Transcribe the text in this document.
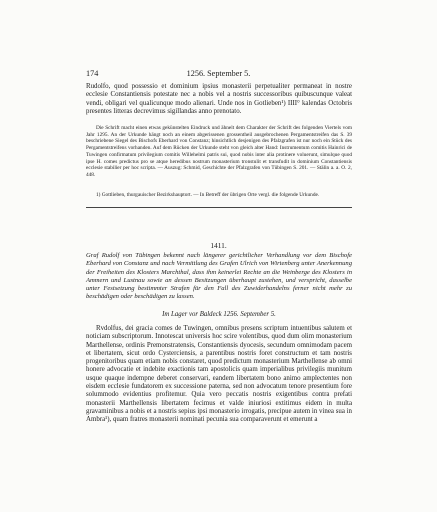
174	1256. September 5.

Rudolfo, quod possessio et dominium ipsius monasterii perpetualiter permaneat in nostre ecclesie Constantiensis potestate nec a nobis vel a nostris successoribus quibuscunque valeat vendi, obligari vel qualicunque modo alienari. Unde nos in Gotlieben¹) IIII° kalendas Octobris presentes litteras decrevimus sigillandas anno prenotato.

Die Schrift macht einen etwas gekünstelten Eindruck und ähnelt dem Charakter der Schrift des folgenden Viertels vom Jahr 1295. An der Urkunde hängt noch an einem abgerissenen grossentheil ausgebrochenen Pergamentstreifen das S. 39 beschriebene Siegel des Bischofs Eberhard von Constanz; hinsichtlich desjenigen des Pfalzgrafen ist nur noch ein Stück des Pergamentstreifens vorhanden. Auf dem Rücken der Urkunde steht von gleich alter Hand: Instrumentum comitis Hainrici de Tuwingen confirmatum privilegium comitis Willehelmi patris sui, quod nobis inter alia protinere voluerunt, simulque quod ipse H. comes predictus pro se atque heredibus nostrum monasterium tronstulit et transfudit in dominium Constantiensis ecclesie stabilier per hoc scripta. — Auszug: Schmid, Geschichte der Pfalzgrafen von Tübingen S. 201. — Stälin a. a. O. 2, 448.

1) Gottlieben, thurgauischer Bezirkshauptort. — In Betreff der übrigen Orte vergl. die folgende Urkunde.

1411.

Graf Rudolf von Tübingen bekennt nach längerer gerichtlicher Verhandlung vor dem Bischofe Eberhard von Constanz und nach Vermittlung des Grafen Ulrich von Wirtenberg unter Anerkennung der Freiheiten des Klosters Marchthal, dass ihm keinerlei Rechte an die Weinberge des Klosters in Ammern und Lustnau sowie an dessen Besitzungen überhaupt zustehen, und verspricht, dasselbe unter Festsetzung bestimmter Strafen für den Fall des Zuwiderhandelns ferner nicht mehr zu beschädigen oder beschädigen zu lassen.

Im Lager vor Baldeck 1256. September 5.

Rvdolfus, dei gracia comes de Tuwingen, omnibus presens scriptum intuentibus salutem et noticiam subscriptorum. Innotescat universis hoc scire volentibus, quod dum olim monasterium Marthellense, ordinis Premonstratensis, Constantiensis dyocesis, secundum omnimodam pacem et libertatem, sicut ordo Cysterciensis, a parentibus nostris foret constructum et tam nostris progenitoribus quam etiam nobis constaret, quod predictum monasterium Marthellense ab omni honere advocatie et indebite exactionis tam apostolicis quam imperialibus privilegiis munitum usque quaque indempne deberet conservari, eandem libertatem bono animo amplectentes non eisdem ecclesie fundatorem ex successione paterna, sed non advocatum tenore presentium fore solummodo evidentius profitemur. Quia vero peccatis nostris exigentibus contra prefati monasterii Marthellensis libertatem fecimus et valde iniuriosi extitimus eidem in multa gravaminibus a nobis et a nostris sepius ipsi monasterio irrogatis, precipue autem in vinea sua in Ambra¹), quam fratres monasterii nominati pecunia sua comparaverunt et emerunt a
